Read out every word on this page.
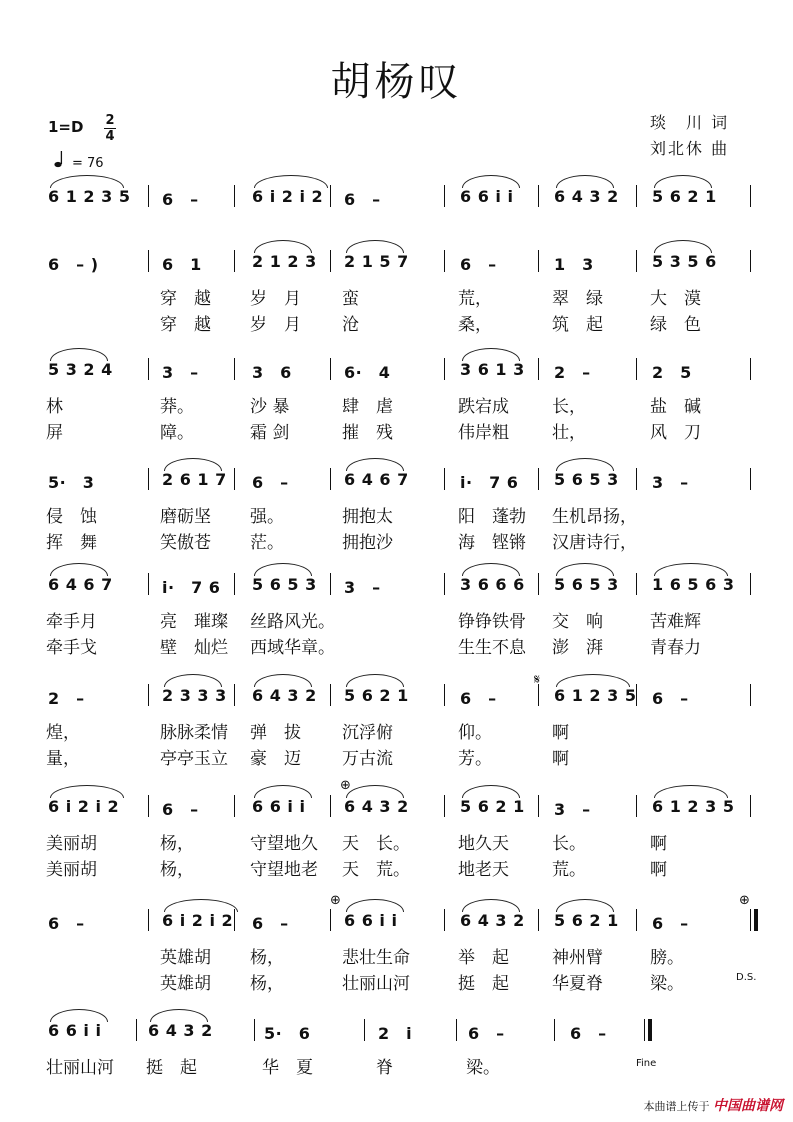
胡杨叹
琰　川 词
刘北休 曲
1=D 2
4
= 76
6 1 2 3 5 6　–	6 i 2 i 2 6　–	6 6 i i	6 4 3 2 5 6 2 1
6　– )	6　1	2 1 2 3 2 1 5 7	6　–	1　3	5 3 5 6
穿　越 岁　月 蛮	荒，	翠　绿	大　漠
穿　越 岁　月 沧	桑，	筑　起	绿　色
5 3 2 4	3　–	3　6	6·　4	3 6 1 3 2　–	2　5
林	莽。	沙 暴	肆　虐	跌宕成	长，	盐　碱
屏	障。	霜 剑	摧　残	伟岸粗	壮，	风　刀
5·　3	2 6 1 7 6　–	6 4 6 7	i·　7 6 5 6 5 3 3　–
侵　蚀	磨砺坚 强。	拥抱太	阳　蓬勃 生机昂扬，
挥　舞	笑傲苍 茫。	拥抱沙	海　铿锵 汉唐诗行，
6 4 6 7	i·　7 6 5 6 5 3 3　–	3 6 6 6 5 6 5 3 1 6 5 6 3
牵手月	亮　璀璨 丝路风光。	铮铮铁骨 交　响	苦难辉
牵手戈	壁　灿烂 西域华章。	生生不息 澎　湃	青春力
2　–	2 3 3 3 6 4 3 2 5 6 2 1	6　–	6 1 2 3 5 6　–
煌，	脉脉柔情 弹　拔 沉浮俯	仰。	啊
量，	亭亭玉立 豪　迈 万古流	芳。	啊
6 i 2 i 2	6　–	6 6 i i 6 4 3 2	5 6 2 1 3　–	6 1 2 3 5
美丽胡	杨，	守望地久 天　长。	地久天	长。	啊
美丽胡	杨，	守望地老 天　荒。	地老天	荒。	啊
6　–	6 i 2 i 2 6　–	6 6 i i	6 4 3 2 5 6 2 1 6　–
英雄胡 杨，	悲壮生命	举　起	神州臂	膀。
英雄胡 杨，	壮丽山河	挺　起	华夏脊	梁。
6 6 i i	6 4 3 2	5·　6	2　i	6　–	6　–
壮丽山河 挺　起	华　夏	脊	梁。
𝄋
⊕
⊕	⊕
D.S.
Fine
本曲谱上传于 中国曲谱网
